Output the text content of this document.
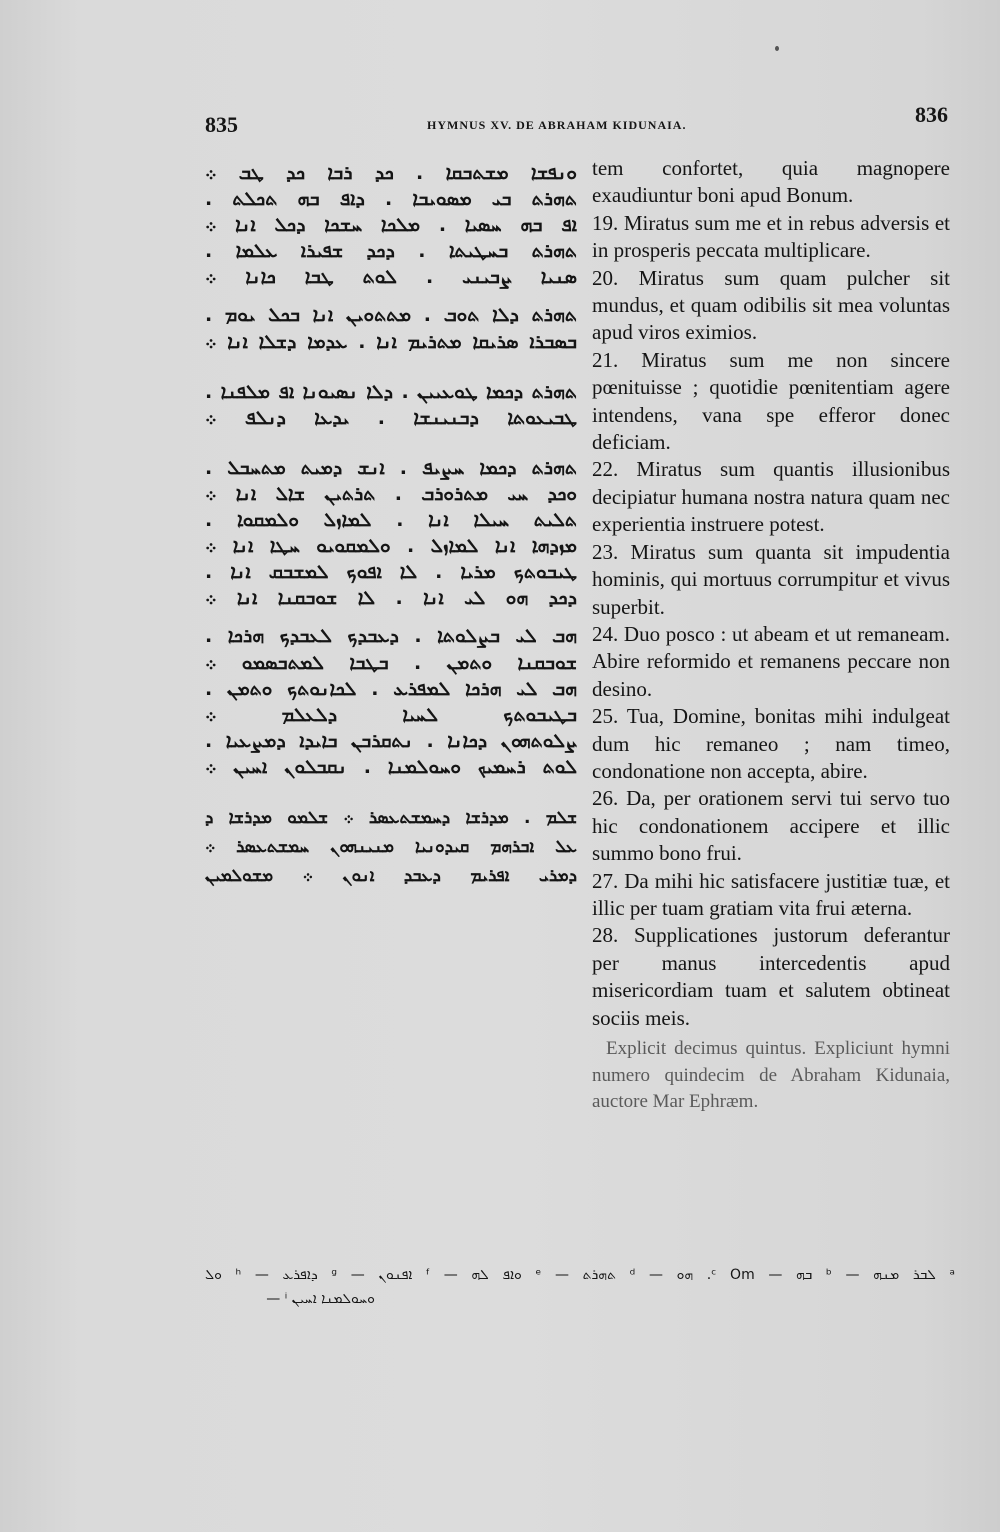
835	HYMNUS XV. DE ABRAHAM KIDUNAIA.	836
ܘܢܦܫܐ ܡܫܬܒܩܐ . ܟܕ ܪܒܐ ܟܕ ܛܒ ܀
ܬܗܪܬ ܒܝ ܡܣܘܝܒܐ . ܕܐܦ ܒܗ ܬܟܠܬ .
ܐܦ ܒܗ ܚܣܝܐ . ܡܠܟܐ ܚܫܟܐ ܕܟܠ ܐܢܐ ܀
ܬܗܪܬ ܒܚܛܝܬܐ . ܕܟܕ ܫܦܝܪܐ ܥܠܡܐ .
ܣܢܝܐ ܨܒܝܢܝ . ܠܘܬ ܛܒܐ ܟܐܢܐ ܀
ܬܗܪܬ ܕܠܐ ܬܘܒ . ܡܬܬܘܝܢ ܐܢܐ ܒܟܠ ܝܘܡ .
ܒܣܒܪܐ ܣܪܝܩܐ ܡܬܪܝܡ ܐܢܐ . ܥܕܡܐ ܕܫܠܐ ܐܢܐ ܀
ܬܗܪܬ ܕܟܡܐ ܛܘܥܝܝܢ . ܕܠܐ ܢܣܝܘܢܐ ܐܦ ܡܠܦܢܐ .
ܛܒܝܥܘܬܐ ܕܒܢܝܢܫܐ . ܝܕܥܐ ܕܢܠܦ ܀
ܬܗܪܬ ܕܟܡܐ ܚܨܝܦ . ܐܢܫ ܕܡܝܬ ܡܬܚܒܠ .
ܘܟܕ ܚܝ ܡܬܪܘܪܒ . ܬܪܬܝܢ ܫܐܠ ܐܢܐ ܀
ܬܠܝܬ ܚܝܠܐ ܐܢܐ . ܠܡܐܙܠ ܘܠܡܩܘܐ .
ܡܙܕܗܐ ܐܢܐ ܠܡܐܙܠ . ܘܠܡܩܘܝܘ ܚܛܐ ܐܢܐ ܀
ܛܝܒܘܬܟ ܡܪܝܐ . ܠܐ ܐܦܘܟ ܠܡܫܒܩ ܐܢܐ .
ܕܟܕ ܗܘ ܠܝ ܐܢܐ . ܠܐ ܫܘܒܩܢܐ ܐܢܐ ܀
ܗܒ ܠܝ ܒܨܠܘܬܐ . ܕܥܒܕܟ ܠܥܒܕܟ ܗܪܟܐ .
ܫܘܒܩܢܐ ܘܬܡܢ . ܒܛܒܐ ܠܡܬܒܣܡܘ ܀
ܗܒ ܠܝ ܗܪܟܐ ܠܡܦܪܥ . ܠܟܐܢܘܬܟ ܘܬܡܢ .
ܒܛܝܒܘܬܟ ܠܚܝܐ ܕܠܥܠܡ ܀
ܨܠܘܬܗܘܢ ܕܟܐܢܐ . ܢܬܩܪܒܢ ܒܐܝܕܐ ܕܡܨܥܝܐ .
ܠܘܬ ܪܚܡܝܟ ܘܚܘܠܡܢܐ . ܢܩܒܠܘܢ ܐܚܝܢ ܀
ܫܠܡ . ܡܕܪܫܐ ܕܚܡܫܬܥܣܪ ܀ ܫܠܡܘ ܡܕܪܫܐ ܕ
ܥܠ ܐܒܪܗܡ ܩܝܕܘܢܝܐ ܡܢܝܢܗܘܢ ܚܡܫܬܥܣܪ ܀
ܕܡܪܝ ܐܦܪܝܡ ܕܥܒܕ ܐܢܘܢ ܀ ܡܫܘܠܡܝܢ

tem confortet, quia magnopere exaudiuntur boni apud Bonum.

19. Miratus sum me et in rebus adversis et in prosperis peccata multiplicare.

20. Miratus sum quam pulcher sit mundus, et quam odibilis sit mea voluntas apud viros eximios.

21. Miratus sum me non sincere pœnituisse ; quotidie pœnitentiam agere intendens, vana spe efferor donec deficiam.

22. Miratus sum quantis illusionibus decipiatur humana nostra natura quam nec experientia instruere potest.

23. Miratus sum quanta sit impudentia hominis, qui mortuus corrumpitur et vivus superbit.

24. Duo posco : ut abeam et ut remaneam. Abire reformido et remanens peccare non desino.

25. Tua, Domine, bonitas mihi indulgeat dum hic remaneo ; nam timeo, condonatione non accepta, abire.

26. Da, per orationem servi tui servo tuo hic condonationem accipere et illic summo bono frui.

27. Da mihi hic satisfacere justitiæ tuæ, et illic per tuam gratiam vita frui æterna.

28. Supplicationes justorum deferantur per manus intercedentis apud misericordiam tuam et salutem obtineat sociis meis.

Explicit decimus quintus. Expliciunt hymni numero quindecim de Abraham Kidunaia, auctore Mar Ephræm.

ᵃ ܠܒܪ ܡܢܗ — ᵇ ܒܗ — ᶜ Om. ܗܘ — ᵈ ܬܗܪܬ — ᵉ ܘܐܦ ܠܗ — ᶠ ܐܦܢܘܢ — ᵍ ܕܐܦܪܥ — ʰ ܘܠ
ܘܚܘܠܡܢܐ ܐܚܝܢ ⁱ —
